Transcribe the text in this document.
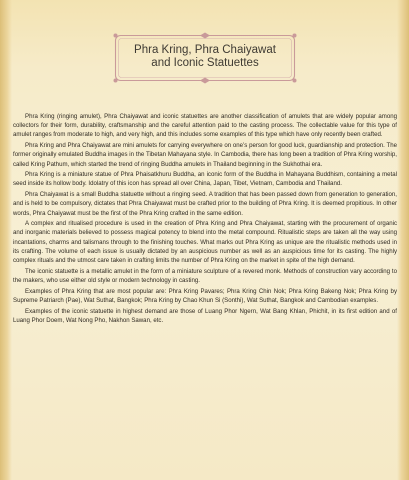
Phra Kring, Phra Chaiyawat
and Iconic Statuettes

Phra Kring (ringing amulet), Phra Chaiyawat and iconic statuettes are another classification of amulets that are widely popular among collectors for their form, durability, craftsmanship and the careful attention paid to the casting process. The collectable value for this type of amulet ranges from moderate to high, and very high, and this includes some examples of this type which have only recently been crafted.

Phra Kring and Phra Chaiyawat are mini amulets for carrying everywhere on one’s person for good luck, guardianship and protection. The former originally emulated Buddha images in the Tibetan Mahayana style. In Cambodia, there has long been a tradition of Phra Kring worship, called Kring Pathum, which started the trend of ringing Buddha amulets in Thailand beginning in the Sukhothai era.

Phra Kring is a miniature statue of Phra Phaisatkhuru Buddha, an iconic form of the Buddha in Mahayana Buddhism, containing a metal seed inside its hollow body. Idolatry of this icon has spread all over China, Japan, Tibet, Vietnam, Cambodia and Thailand.

Phra Chaiyawat is a small Buddha statuette without a ringing seed. A tradition that has been passed down from generation to generation, and is held to be compulsory, dictates that Phra Chaiyawat must be crafted prior to the building of Phra Kring. It is deemed propitious. In other words, Phra Chaiyawat must be the first of the Phra Kring crafted in the same edition.

A complex and ritualised procedure is used in the creation of Phra Kring and Phra Chaiyawat, starting with the procurement of organic and inorganic materials believed to possess magical potency to blend into the metal compound. Ritualistic steps are taken all the way using incantations, charms and talismans through to the finishing touches. What marks out Phra Kring as unique are the ritualistic methods used in its crafting. The volume of each issue is usually dictated by an auspicious number as well as an auspicious time for its casting. The highly complex rituals and the utmost care taken in crafting limits the number of Phra Kring on the market in spite of the high demand.

The iconic statuette is a metallic amulet in the form of a miniature sculpture of a revered monk. Methods of construction vary according to the makers, who use either old style or modern technology in casting.

Examples of Phra Kring that are most popular are: Phra Kring Pavares; Phra Kring Chin Nok; Phra Kring Bakeng Nok; Phra Kring by Supreme Patriarch (Pae), Wat Suthat, Bangkok; Phra Kring by Chao Khun Si (Sonthi), Wat Suthat, Bangkok and Cambodian examples.

Examples of the iconic statuette in highest demand are those of Luang Phor Ngern, Wat Bang Khlan, Phichit, in its first edition and of Luang Phor Doem, Wat Nong Pho, Nakhon Sawan, etc.
